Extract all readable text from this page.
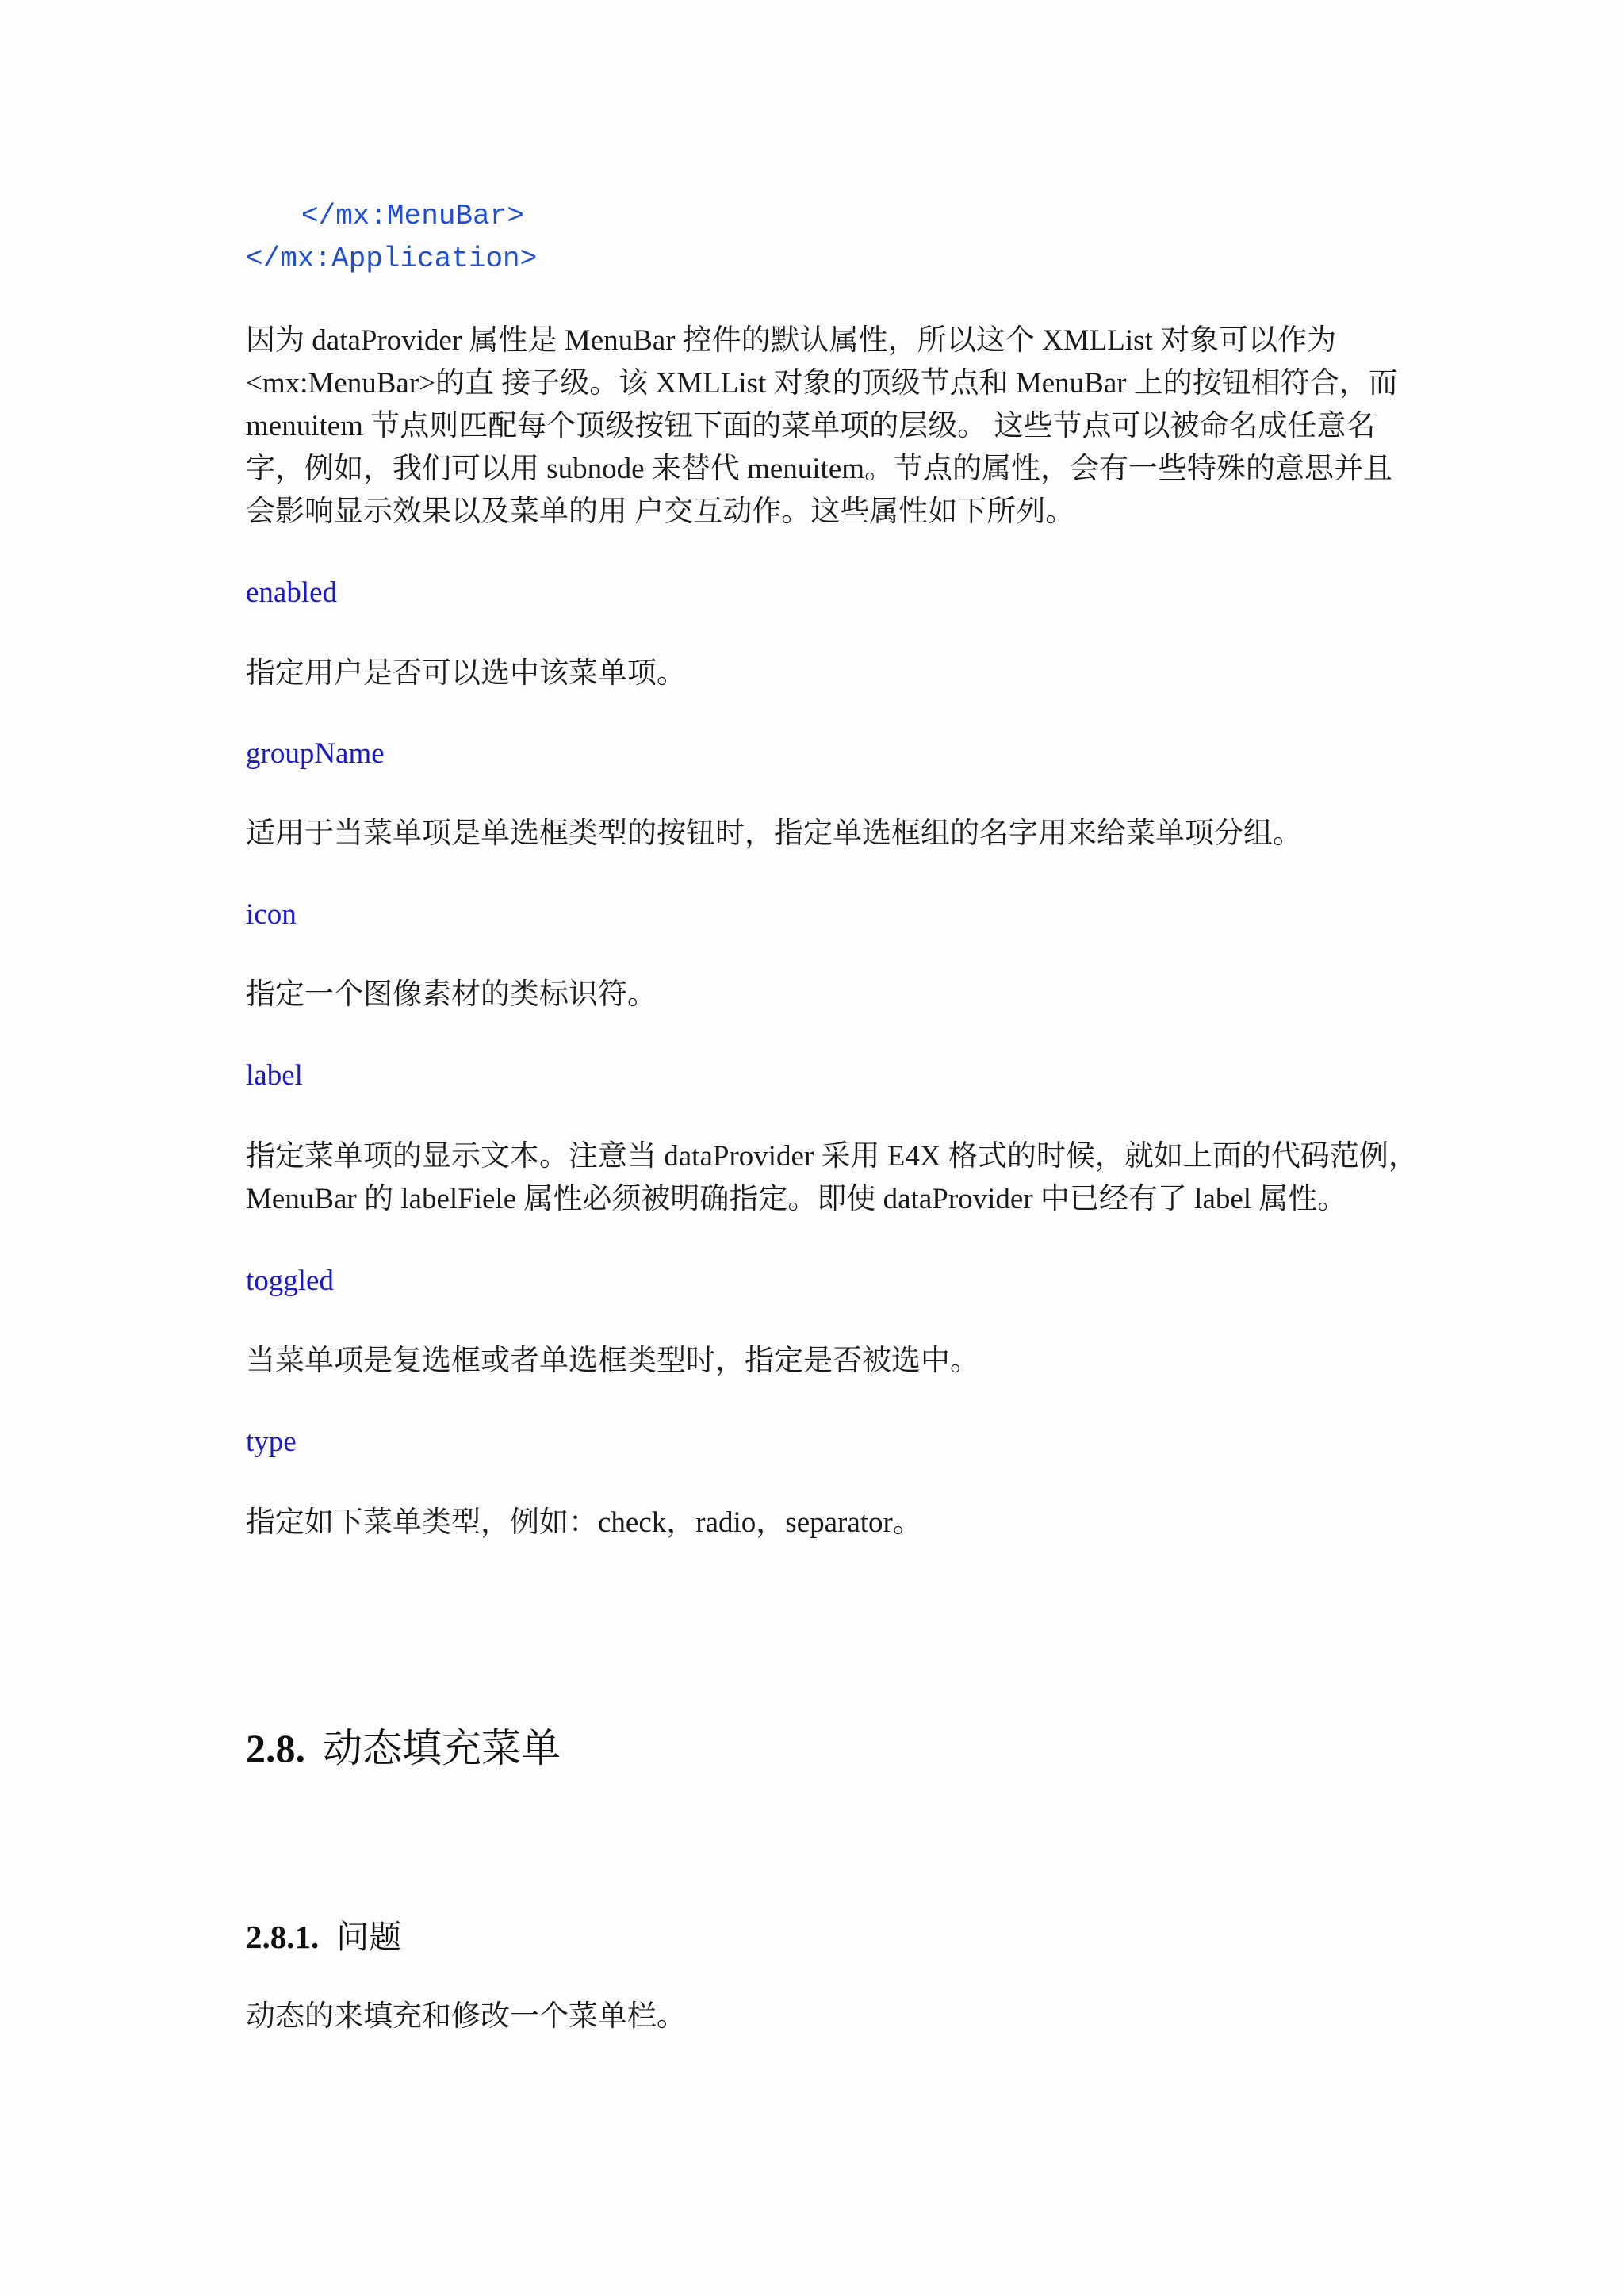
</mx:MenuBar>
</mx:Application>
因为 dataProvider 属性是 MenuBar 控件的默认属性，所以这个 XMLList 对象可以作为
<mx:MenuBar>的直 接子级。该 XMLList 对象的顶级节点和 MenuBar 上的按钮相符合，而
menuitem 节点则匹配每个顶级按钮下面的菜单项的层级。 这些节点可以被命名成任意名
字，例如，我们可以用 subnode 来替代 menuitem。节点的属性，会有一些特殊的意思并且
会影响显示效果以及菜单的用 户交互动作。这些属性如下所列。
enabled
指定用户是否可以选中该菜单项。
groupName
适用于当菜单项是单选框类型的按钮时，指定单选框组的名字用来给菜单项分组。
icon
指定一个图像素材的类标识符。
label
指定菜单项的显示文本。注意当 dataProvider 采用 E4X 格式的时候，就如上面的代码范例，
MenuBar 的 labelFiele 属性必须被明确指定。即使 dataProvider 中已经有了 label 属性。
toggled
当菜单项是复选框或者单选框类型时，指定是否被选中。
type
指定如下菜单类型，例如：check，radio，separator。
2.8. 动态填充菜单
2.8.1. 问题
动态的来填充和修改一个菜单栏。
